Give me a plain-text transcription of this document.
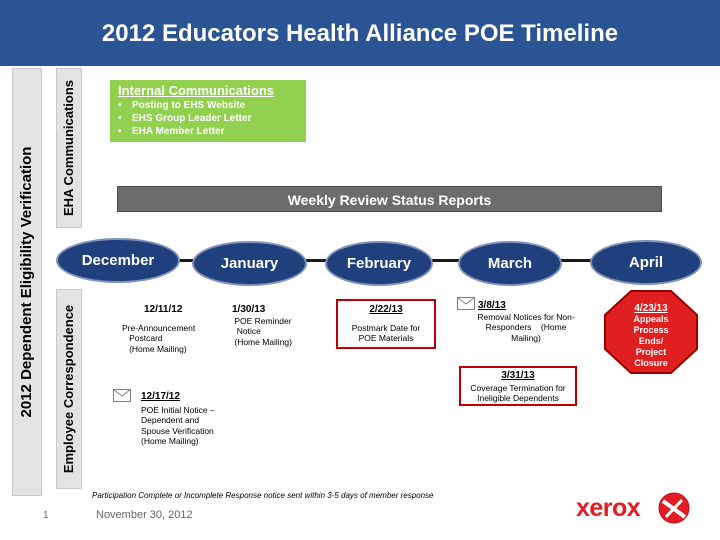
2012 Educators Health Alliance POE Timeline
2012 Dependent Eligibility Verification EHA Communications
Employee Correspondence
Internal Communications
• Posting to EHS Website
• EHS Group Leader Letter
• EHA Member Letter
Weekly Review Status Reports
December	January	February	March	April
12/11/12
Pre-Announcement
Postcard
(Home Mailing)
12/17/12
POE Initial Notice –
Dependent and
Spouse Verification
(Home Mailing)
1/30/13
POE Reminder
Notice
(Home Mailing)
2/22/13
Postmark Date for
POE Materials
3/8/13
Removal Notices for Non-
Responders    (Home
Mailing)
3/31/13
Coverage Termination for
Ineligible Dependents
4/23/13
Appeals
Process
Ends/
Project
Closure
Participation Complete or Incomplete Response notice sent within 3-5 days of member response
1	November 30, 2012	xerox
